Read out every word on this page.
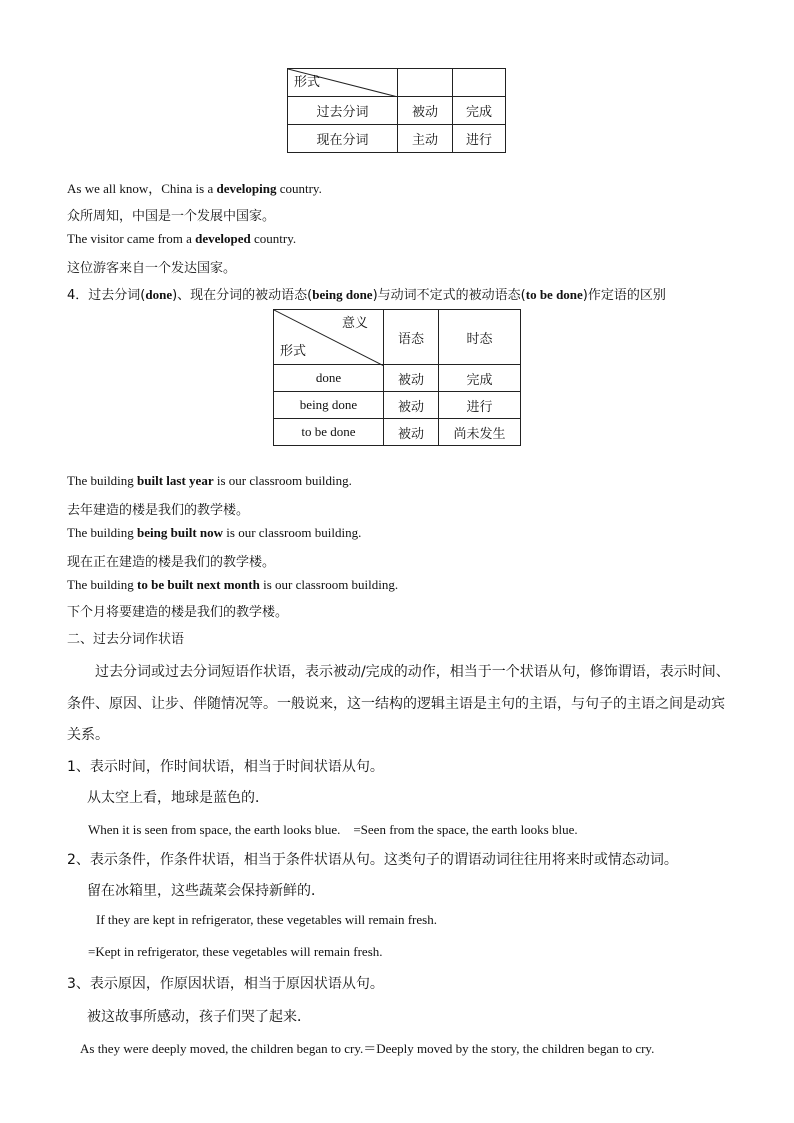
形式		

过去分词	被动	完成
现在分词	主动	进行
As we all know，China is a developing country.
众所周知，中国是一个发展中国家。
The visitor came from a developed country.
这位游客来自一个发达国家。
4．过去分词(done)、现在分词的被动语态(being done)与动词不定式的被动语态(to be done)作定语的区别
意义
形式	语态	时态
done	被动	完成
being done	被动	进行
to be done	被动	尚未发生
The building built last year is our classroom building.
去年建造的楼是我们的教学楼。
The building being built now is our classroom building.
现在正在建造的楼是我们的教学楼。
The building to be built next month is our classroom building.
下个月将要建造的楼是我们的教学楼。
二、过去分词作状语
过去分词或过去分词短语作状语，表示被动/完成的动作，相当于一个状语从句，修饰谓语，表示时间、
条件、原因、让步、伴随情况等。一般说来，这一结构的逻辑主语是主句的主语，与句子的主语之间是动宾
关系。
1、表示时间，作时间状语，相当于时间状语从句。
从太空上看，地球是蓝色的．
When it is seen from space, the earth looks blue.　=Seen from the space, the earth looks blue.
2、表示条件，作条件状语，相当于条件状语从句。这类句子的谓语动词往往用将来时或情态动词。
留在冰箱里，这些蔬菜会保持新鲜的．
If they are kept in refrigerator, these vegetables will remain fresh.
=Kept in refrigerator, these vegetables will remain fresh.
3、表示原因，作原因状语，相当于原因状语从句。
被这故事所感动，孩子们哭了起来．
As they were deeply moved, the children began to cry.＝Deeply moved by the story, the children began to cry.
